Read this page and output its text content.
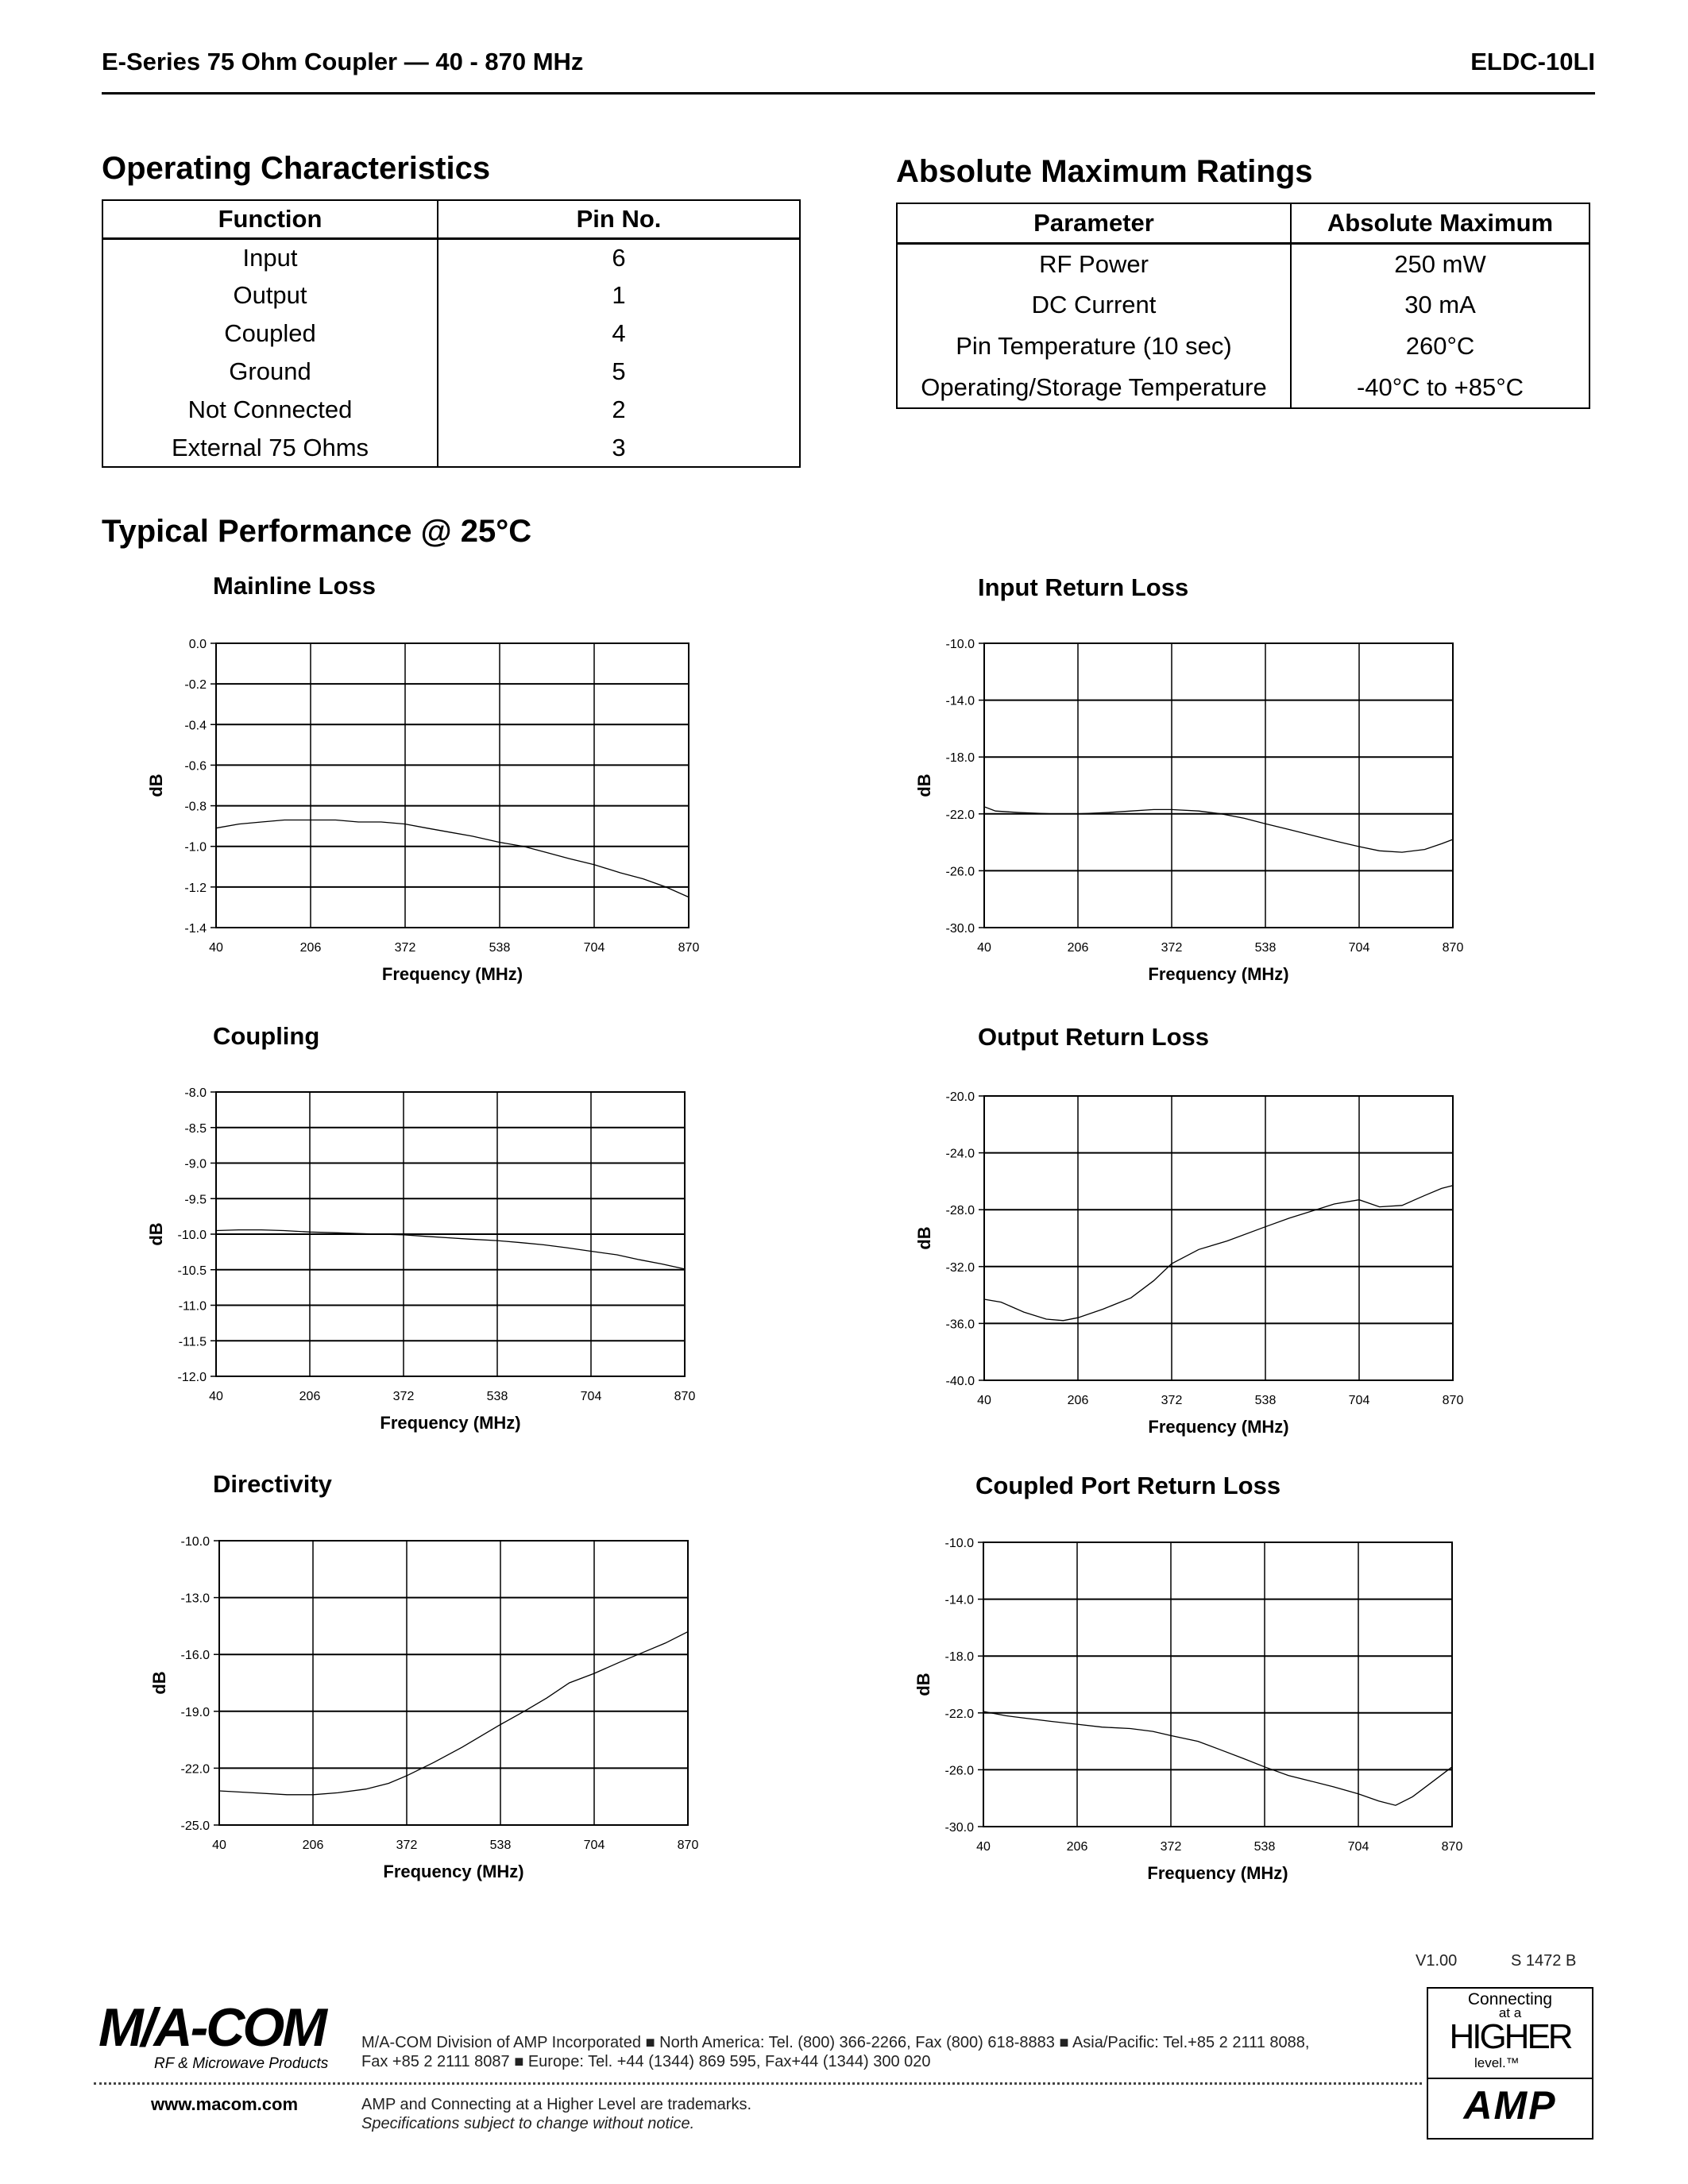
E-Series 75 Ohm Coupler — 40 - 870 MHz	ELDC-10LI
Operating Characteristics
Function	Pin No.
Input	6
Output	1
Coupled	4
Ground	5
Not Connected	2
External 75 Ohms	3
Absolute Maximum Ratings
Parameter	Absolute Maximum
RF Power	250 mW
DC Current	30 mA
Pin Temperature (10 sec)	260°C
Operating/Storage Temperature	-40°C to +85°C
Typical Performance @ 25°C
Mainline Loss	Input Return Loss
Coupling	Output Return Loss
Directivity	Coupled Port Return Loss
40	206	372	538	704	870
0.0
-0.2
-0.4
-0.6
-0.8
-1.0
-1.2
-1.4
Frequency (MHz)
dB
40	206	372	538	704	870
-10.0
-14.0
-18.0
-22.0
-26.0
-30.0
Frequency (MHz)
dB
40	206	372	538	704	870
-8.0
-8.5
-9.0
-9.5
-10.0
-10.5
-11.0
-11.5
-12.0
Frequency (MHz)
dB
40	206	372	538	704	870
-20.0
-24.0
-28.0
-32.0
-36.0
-40.0
Frequency (MHz)
dB
40	206	372	538	704	870
-10.0
-13.0
-16.0
-19.0
-22.0
-25.0
Frequency (MHz)
dB
40	206	372	538	704	870
-10.0
-14.0
-18.0
-22.0
-26.0
-30.0
Frequency (MHz)
dB
V1.00	S 1472 B
M/A-COM
RF & Microwave Products
M/A-COM Division of AMP Incorporated ■ North America: Tel. (800) 366-2266, Fax (800) 618-8883 ■ Asia/Pacific: Tel.+85 2 2111 8088,
Fax +85 2 2111 8087 ■ Europe: Tel. +44 (1344) 869 595, Fax+44 (1344) 300 020
www.macom.com	AMP and Connecting at a Higher Level are trademarks.
Specifications subject to change without notice.
Connecting
at a
HIGHER
level.™
AMP
